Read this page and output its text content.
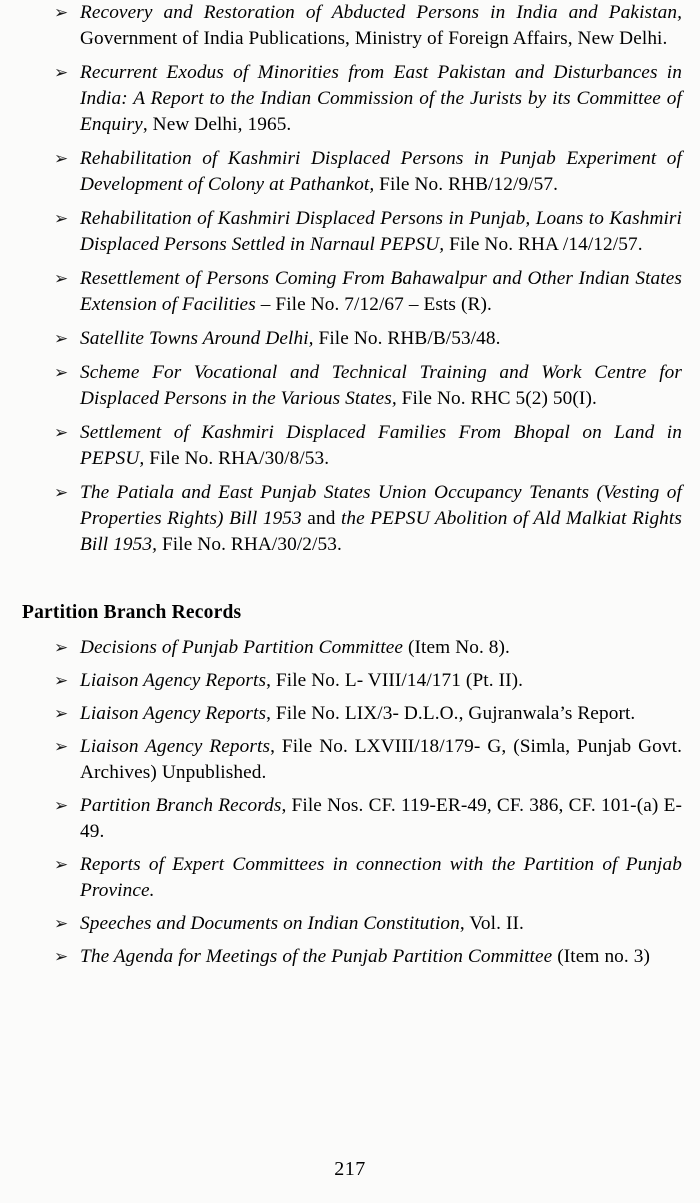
➢ Recovery and Restoration of Abducted Persons in India and Pakistan, Government of India Publications, Ministry of Foreign Affairs, New Delhi.
➢ Recurrent Exodus of Minorities from East Pakistan and Disturbances in India: A Report to the Indian Commission of the Jurists by its Committee of Enquiry, New Delhi, 1965.
➢ Rehabilitation of Kashmiri Displaced Persons in Punjab Experiment of Development of Colony at Pathankot, File No. RHB/12/9/57.
➢ Rehabilitation of Kashmiri Displaced Persons in Punjab, Loans to Kashmiri Displaced Persons Settled in Narnaul PEPSU, File No. RHA /14/12/57.
➢ Resettlement of Persons Coming From Bahawalpur and Other Indian States Extension of Facilities – File No. 7/12/67 – Ests (R).
➢ Satellite Towns Around Delhi, File No. RHB/B/53/48.
➢ Scheme For Vocational and Technical Training and Work Centre for Displaced Persons in the Various States, File No. RHC 5(2) 50(I).
➢ Settlement of Kashmiri Displaced Families From Bhopal on Land in PEPSU, File No. RHA/30/8/53.
➢ The Patiala and East Punjab States Union Occupancy Tenants (Vesting of Properties Rights) Bill 1953 and the PEPSU Abolition of Ald Malkiat Rights Bill 1953, File No. RHA/30/2/53.
Partition Branch Records
➢ Decisions of Punjab Partition Committee (Item No. 8).
➢ Liaison Agency Reports, File No. L- VIII/14/171 (Pt. II).
➢ Liaison Agency Reports, File No. LIX/3- D.L.O., Gujranwala’s Report.
➢ Liaison Agency Reports, File No. LXVIII/18/179- G, (Simla, Punjab Govt. Archives) Unpublished.
➢ Partition Branch Records, File Nos. CF. 119-ER-49, CF. 386, CF. 101-(a) E-49.
➢ Reports of Expert Committees in connection with the Partition of Punjab Province.
➢ Speeches and Documents on Indian Constitution, Vol. II.
➢ The Agenda for Meetings of the Punjab Partition Committee (Item no. 3)
217
